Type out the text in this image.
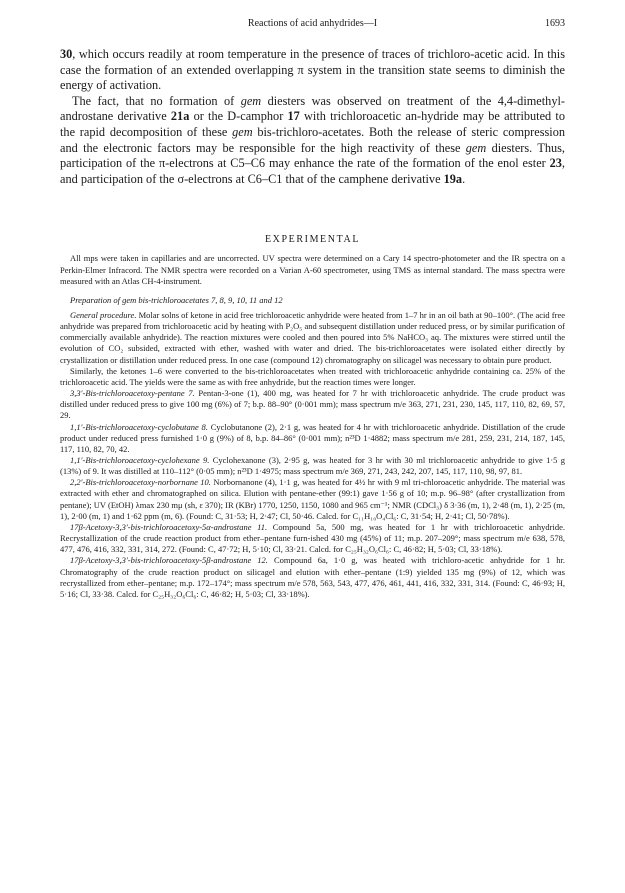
Reactions of acid anhydrides—I	1693

30, which occurs readily at room temperature in the presence of traces of trichloro-acetic acid. In this case the formation of an extended overlapping π system in the transition state seems to diminish the energy of activation.

The fact, that no formation of gem diesters was observed on treatment of the 4,4-dimethyl-androstane derivative 21a or the D-camphor 17 with trichloroacetic an-hydride may be attributed to the rapid decomposition of these gem bis-trichloro-acetates. Both the release of steric compression and the electronic factors may be responsible for the high reactivity of these gem diesters. Thus, participation of the π-electrons at C5–C6 may enhance the rate of the formation of the enol ester 23, and participation of the σ-electrons at C6–C1 that of the camphene derivative 19a.

EXPERIMENTAL

All mps were taken in capillaries and are uncorrected. UV spectra were determined on a Cary 14 spectro-photometer and the IR spectra on a Perkin-Elmer Infracord. The NMR spectra were recorded on a Varian A-60 spectrometer, using TMS as internal standard. The mass spectra were measured with an Atlas CH-4-instrument.

Preparation of gem bis-trichloroacetates 7, 8, 9, 10, 11 and 12

General procedure. Molar solns of ketone in acid free trichloroacetic anhydride were heated from 1–7 hr in an oil bath at 90–100°. (The acid free anhydride was prepared from trichloroacetic acid by heating with P₂O₅ and subsequent distillation under reduced press, or by similar purification of commercially available anhydride). The reaction mixtures were cooled and then poured into 5% NaHCO₃ aq. The mixtures were stirred until the evolution of CO₂ subsided, extracted with ether, washed with water and dried. The bis-trichloroacetates were isolated either directly by crystallization or distillation under reduced press. In one case (compound 12) chromatography on silicagel was necessary to obtain pure product.

Similarly, the ketones 1–6 were converted to the bis-trichloroacetates when treated with trichloroacetic anhydride containing ca. 25% of the trichloroacetic acid. The yields were the same as with free anhydride, but the reaction times were longer.

3,3′-Bis-trichloroacetoxy-pentane 7. Pentan-3-one (1), 400 mg, was heated for 7 hr with trichloroacetic anhydride. The crude product was distilled under reduced press to give 100 mg (6%) of 7; b.p. 88–90° (0·001 mm); mass spectrum m/e 363, 271, 231, 230, 145, 117, 110, 82, 69, 57, 29.

1,1′-Bis-trichloroacetoxy-cyclobutane 8. Cyclobutanone (2), 2·1 g, was heated for 4 hr with trichloroacetic anhydride. Distillation of the crude product under reduced press furnished 1·0 g (9%) of 8, b.p. 84–86° (0·001 mm); n²³D 1·4882; mass spectrum m/e 281, 259, 231, 214, 187, 145, 117, 110, 82, 70, 42.

1,1′-Bis-trichloroacetoxy-cyclohexane 9. Cyclohexanone (3), 2·95 g, was heated for 3 hr with 30 ml trichloroacetic anhydride to give 1·5 g (13%) of 9. It was distilled at 110–112° (0·05 mm); n²³D 1·4975; mass spectrum m/e 369, 271, 243, 242, 207, 145, 117, 110, 98, 97, 81.

2,2′-Bis-trichloroacetoxy-norbornane 10. Norbornanone (4), 1·1 g, was heated for 4½ hr with 9 ml tri-chloroacetic anhydride. The material was extracted with ether and chromatographed on silica. Elution with pentane-ether (99:1) gave 1·56 g of 10; m.p. 96–98° (after crystallization from pentane); UV (EtOH) λmax 230 mμ (sh, ε 370); IR (KBr) 1770, 1250, 1150, 1080 and 965 cm⁻¹; NMR (CDCl₃) δ 3·36 (m, 1), 2·48 (m, 1), 2·25 (m, 1), 2·00 (m, 1) and 1·62 ppm (m, 6). (Found: C, 31·53; H, 2·47; Cl, 50·46. Calcd. for C₁₁H₁₀O₄Cl₆: C, 31·54; H, 2·41; Cl, 50·78%).

17β-Acetoxy-3,3′-bis-trichloroacetoxy-5α-androstane 11. Compound 5a, 500 mg, was heated for 1 hr with trichloroacetic anhydride. Recrystallization of the crude reaction product from ether–pentane furn-ished 430 mg (45%) of 11; m.p. 207–209°; mass spectrum m/e 638, 578, 477, 476, 416, 332, 331, 314, 272. (Found: C, 47·72; H, 5·10; Cl, 33·21. Calcd. for C₂₅H₃₂O₆Cl₆: C, 46·82; H, 5·03; Cl, 33·18%).

17β-Acetoxy-3,3′-bis-trichloroacetoxy-5β-androstane 12. Compound 6a, 1·0 g, was heated with trichloro-acetic anhydride for 1 hr. Chromatography of the crude reaction product on silicagel and elution with ether–pentane (1:9) yielded 135 mg (9%) of 12, which was recrystallized from ether–pentane; m.p. 172–174°; mass spectrum m/e 578, 563, 543, 477, 476, 461, 441, 416, 332, 331, 314. (Found: C, 46·93; H, 5·16; Cl, 33·38. Calcd. for C₂₅H₃₂O₆Cl₆: C, 46·82; H, 5·03; Cl, 33·18%).
